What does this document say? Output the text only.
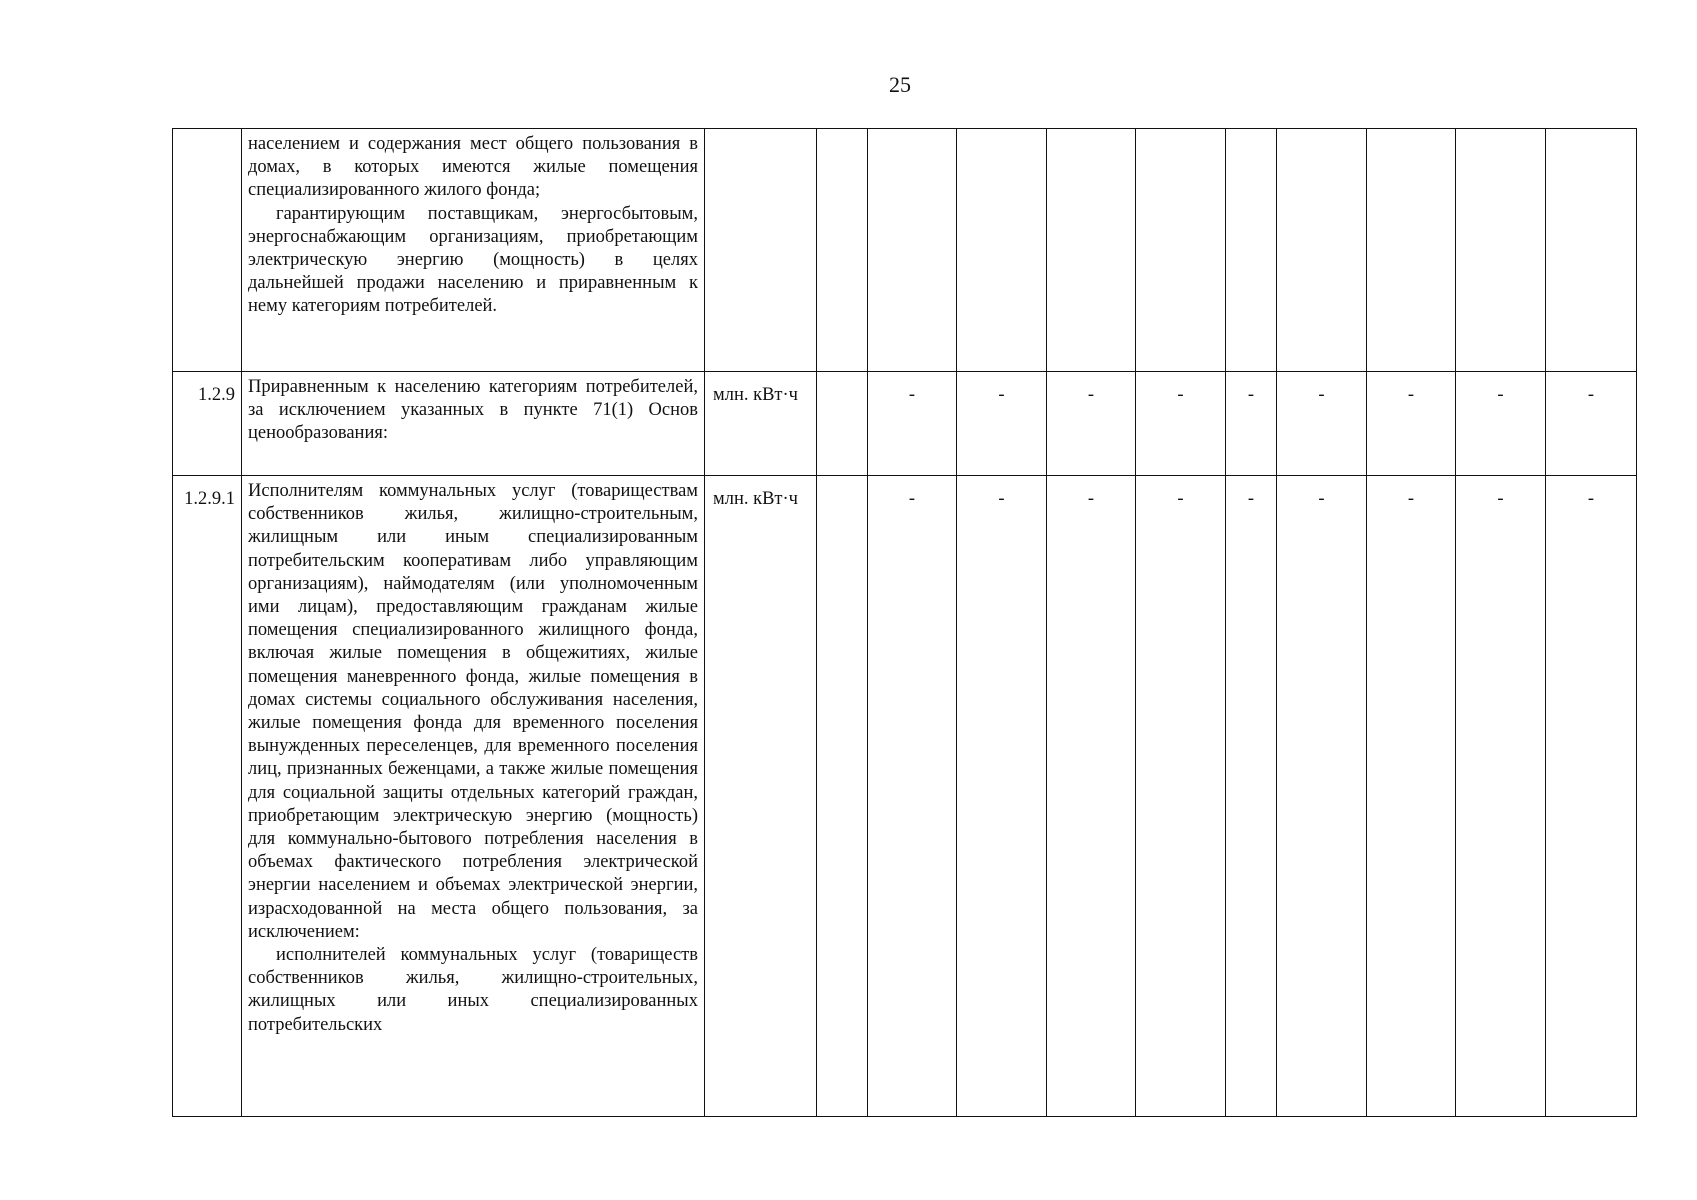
25

	населением и содержания мест общего пользования в домах, в которых имеются жилые помещения специализированного жилого фонда;
гарантирующим поставщикам, энергосбытовым, энергоснабжающим организациям, приобретающим электрическую энергию (мощность) в целях дальнейшей продажи населению и приравненным к нему категориям потребителей.											

1.2.9	Приравненным к населению категориям потребителей, за исключением указанных в пункте 71(1) Основ ценообразования:	млн. кВт·ч		-	-	-	-	-	-	-	-	-
1.2.9.1	Исполнителям коммунальных услуг (товариществам собственников жилья, жилищно-строительным, жилищным или иным специализированным потребительским кооперативам либо управляющим организациям), наймодателям (или уполномоченным ими лицам), предоставляющим гражданам жилые помещения специализированного жилищного фонда, включая жилые помещения в общежитиях, жилые помещения маневренного фонда, жилые помещения в домах системы социального обслуживания населения, жилые помещения фонда для временного поселения вынужденных переселенцев, для временного поселения лиц, признанных беженцами, а также жилые помещения для социальной защиты отдельных категорий граждан, приобретающим электрическую энергию (мощность) для коммунально-бытового потребления населения в объемах фактического потребления электрической энергии населением и объемах электрической энергии, израсходованной на места общего пользования, за исключением:
исполнителей коммунальных услуг (товариществ собственников жилья, жилищно-строительных, жилищных или иных специализированных потребительских	млн. кВт·ч		-	-	-	-	-	-	-	-	-
